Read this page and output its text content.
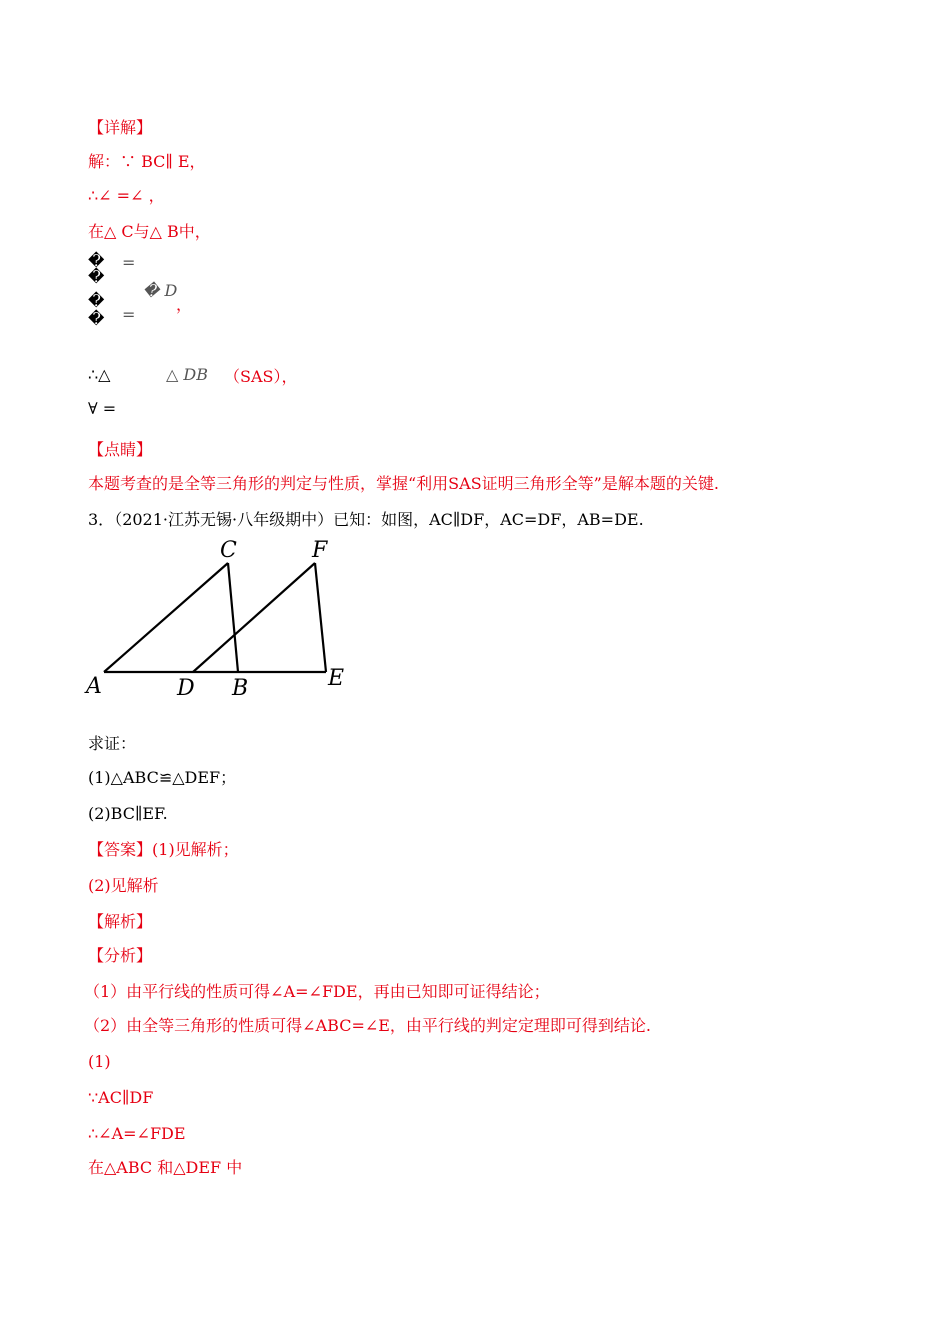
【详解】
解：∵ BC∥ E，
∴∠ =∠ ，
在△ C与△ B中，
�
�
�
�
=
� D
=
，
∴△	△ DB （SAS），
∀ =
【点睛】
本题考查的是全等三角形的判定与性质，掌握“利用SAS证明三角形全等”是解本题的关键.
3．（2021·江苏无锡·八年级期中）已知：如图，AC∥DF，AC=DF，AB=DE.
C	F
A	D B	E
求证：
(1)△ABC≌△DEF；
(2)BC∥EF.
【答案】(1)见解析；
(2)见解析
【解析】
【分析】
（1）由平行线的性质可得∠A=∠FDE，再由已知即可证得结论；
（2）由全等三角形的性质可得∠ABC=∠E，由平行线的判定定理即可得到结论.
(1)
∵AC∥DF
∴∠A=∠FDE
在△ABC 和△DEF 中
